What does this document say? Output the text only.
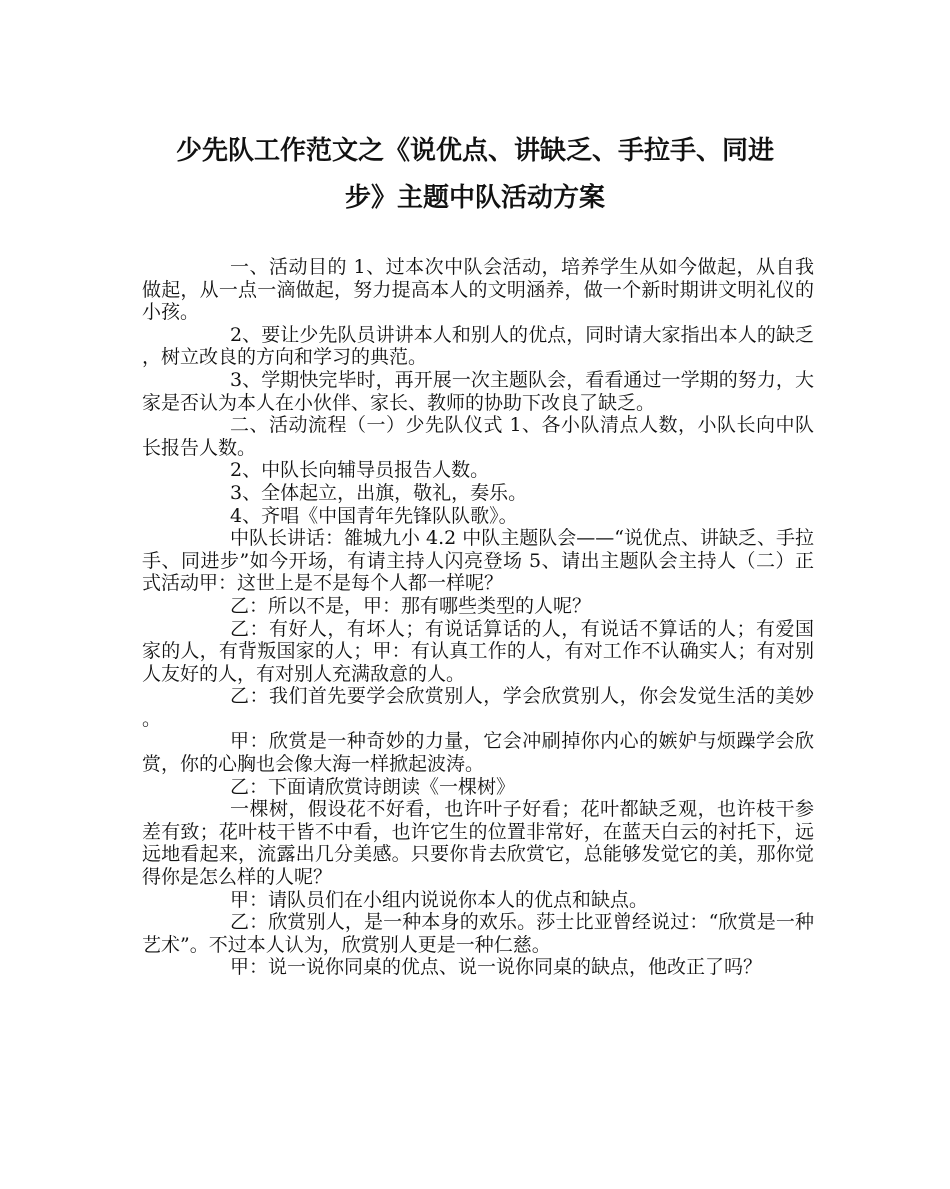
少先队工作范文之《说优点、讲缺乏、手拉手、同进
步》主题中队活动方案

一、活动目的 1、过本次中队会活动，培养学生从如今做起，从自我做起，从一点一滴做起，努力提高本人的文明涵养，做一个新时期讲文明礼仪的小孩。

2、要让少先队员讲讲本人和别人的优点，同时请大家指出本人的缺乏，树立改良的方向和学习的典范。

3、学期快完毕时，再开展一次主题队会，看看通过一学期的努力，大家是否认为本人在小伙伴、家长、教师的协助下改良了缺乏。

二、活动流程（一）少先队仪式 1、各小队清点人数，小队长向中队长报告人数。

2、中队长向辅导员报告人数。

3、全体起立，出旗，敬礼，奏乐。

4、齐唱《中国青年先锋队队歌》。

中队长讲话：雒城九小 4.2 中队主题队会——“说优点、讲缺乏、手拉手、同进步”如今开场，有请主持人闪亮登场 5、请出主题队会主持人（二）正式活动甲：这世上是不是每个人都一样呢？

乙：所以不是，甲：那有哪些类型的人呢？

乙：有好人，有坏人；有说话算话的人，有说话不算话的人；有爱国家的人，有背叛国家的人；甲：有认真工作的人，有对工作不认确实人；有对别人友好的人，有对别人充满敌意的人。

乙：我们首先要学会欣赏别人，学会欣赏别人，你会发觉生活的美妙。

甲：欣赏是一种奇妙的力量，它会冲刷掉你内心的嫉妒与烦躁学会欣赏，你的心胸也会像大海一样掀起波涛。

乙：下面请欣赏诗朗读《一棵树》

一棵树，假设花不好看，也许叶子好看；花叶都缺乏观，也许枝干参差有致；花叶枝干皆不中看，也许它生的位置非常好，在蓝天白云的衬托下，远远地看起来，流露出几分美感。只要你肯去欣赏它，总能够发觉它的美，那你觉得你是怎么样的人呢？

甲：请队员们在小组内说说你本人的优点和缺点。

乙：欣赏别人，是一种本身的欢乐。莎士比亚曾经说过：“欣赏是一种艺术”。不过本人认为，欣赏别人更是一种仁慈。

甲：说一说你同桌的优点、说一说你同桌的缺点，他改正了吗？
